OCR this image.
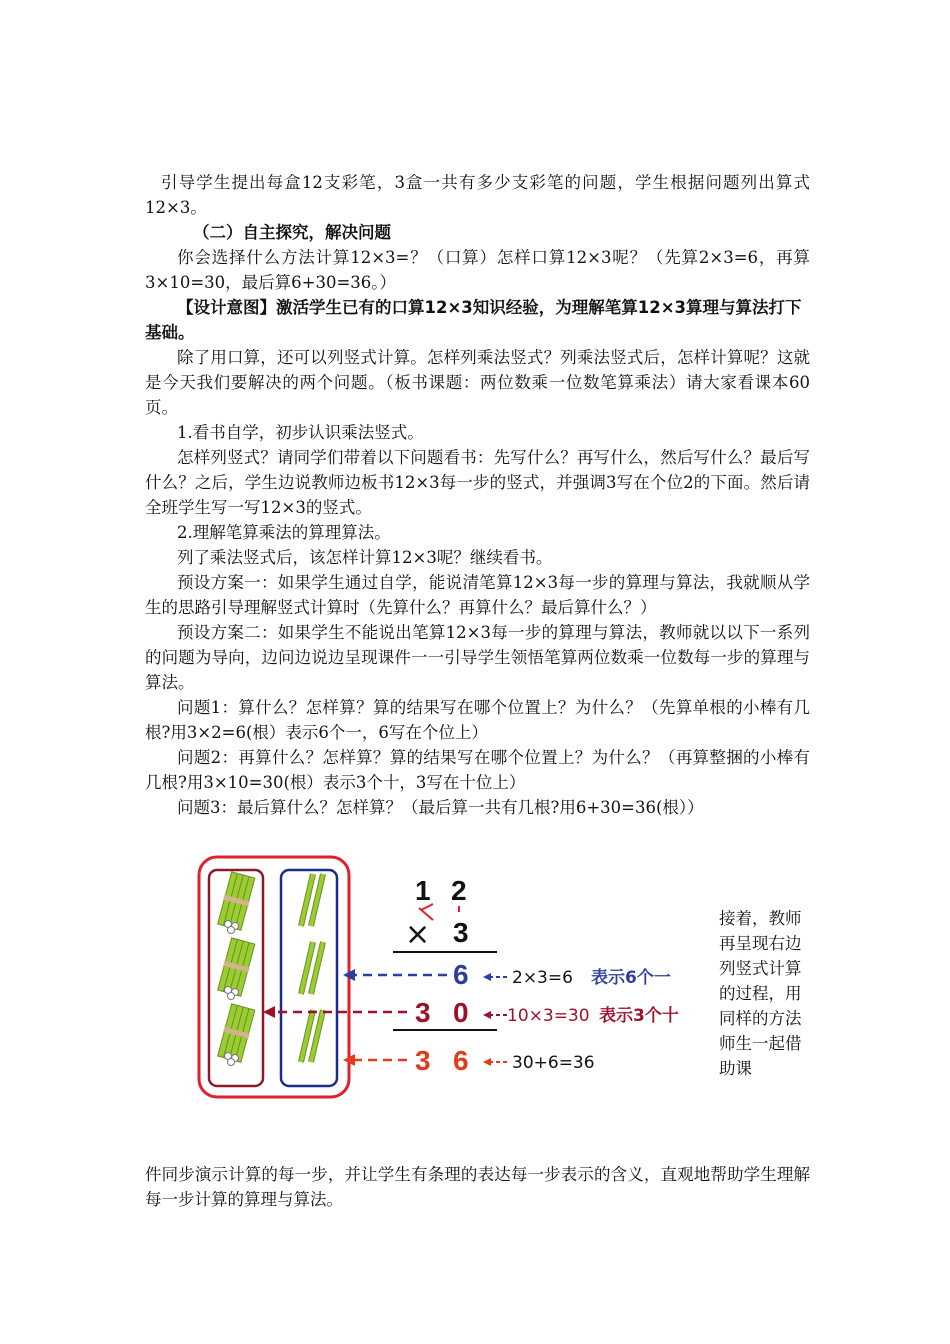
引导学生提出每盒12支彩笔，3盒一共有多少支彩笔的问题，学生根据问题列出算式12×3。

（二）自主探究，解决问题

你会选择什么方法计算12×3=？（口算）怎样口算12×3呢？（先算2×3=6，再算3×10=30，最后算6+30=36。）

【设计意图】激活学生已有的口算12×3知识经验，为理解笔算12×3算理与算法打下基础。

除了用口算，还可以列竖式计算。怎样列乘法竖式？列乘法竖式后，怎样计算呢？这就是今天我们要解决的两个问题。（板书课题：两位数乘一位数笔算乘法）请大家看课本60页。

1.看书自学，初步认识乘法竖式。

怎样列竖式？请同学们带着以下问题看书：先写什么？再写什么，然后写什么？最后写什么？之后，学生边说教师边板书12×3每一步的竖式，并强调3写在个位2的下面。然后请全班学生写一写12×3的竖式。

2.理解笔算乘法的算理算法。

列了乘法竖式后，该怎样计算12×3呢？继续看书。

预设方案一：如果学生通过自学，能说清笔算12×3每一步的算理与算法，我就顺从学生的思路引导理解竖式计算时（先算什么？再算什么？最后算什么？）

预设方案二：如果学生不能说出笔算12×3每一步的算理与算法，教师就以以下一系列的问题为导向，边问边说边呈现课件一一引导学生领悟笔算两位数乘一位数每一步的算理与算法。

问题1：算什么？怎样算？算的结果写在哪个位置上？为什么？（先算单根的小棒有几根?用3×2=6(根）表示6个一，6写在个位上）

问题2：再算什么？怎样算？算的结果写在哪个位置上？为什么？（再算整捆的小棒有几根?用3×10=30(根）表示3个十，3写在十位上）

问题3：最后算什么？怎样算？（最后算一共有几根?用6+30=36(根））

1 2
3
6
3 0
3 6
×
2×3=6 表示6个一
10×3=30 表示3个十
30+6=36
接着，教师再呈现右边列竖式计算的过程，用同样的方法师生一起借助课

件同步演示计算的每一步，并让学生有条理的表达每一步表示的含义，直观地帮助学生理解每一步计算的算理与算法。
